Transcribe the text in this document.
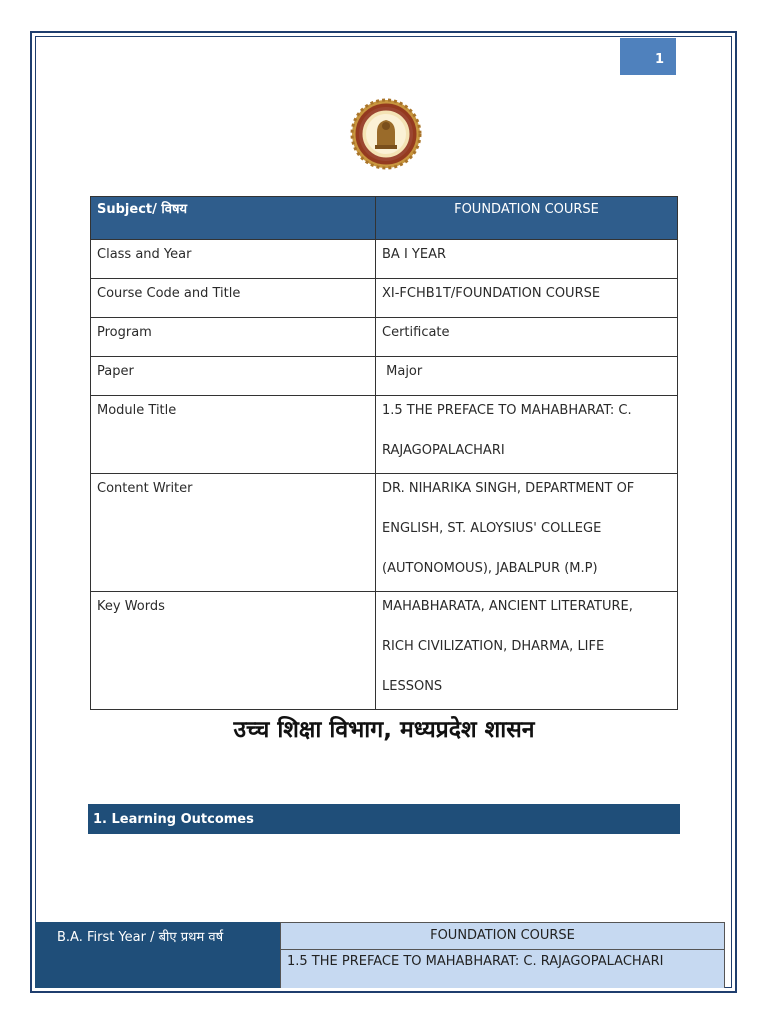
1
Subject/ विषय	FOUNDATION COURSE
Class and Year	BA I YEAR
Course Code and Title	XI-FCHB1T/FOUNDATION COURSE
Program	Certificate
Paper	Major
Module Title	1.5 THE PREFACE TO MAHABHARAT: C.
RAJAGOPALACHARI

Content Writer	DR. NIHARIKA SINGH, DEPARTMENT OF
ENGLISH, ST. ALOYSIUS' COLLEGE
(AUTONOMOUS), JABALPUR (M.P)

Key Words	MAHABHARATA, ANCIENT LITERATURE,
RICH CIVILIZATION, DHARMA, LIFE
LESSONS
उच्च शिक्षा विभाग, मध्यप्रदेश शासन
1. Learning Outcomes
B.A. First Year / बीए प्रथम वर्ष	FOUNDATION COURSE
1.5 THE PREFACE TO MAHABHARAT: C. RAJAGOPALACHARI
